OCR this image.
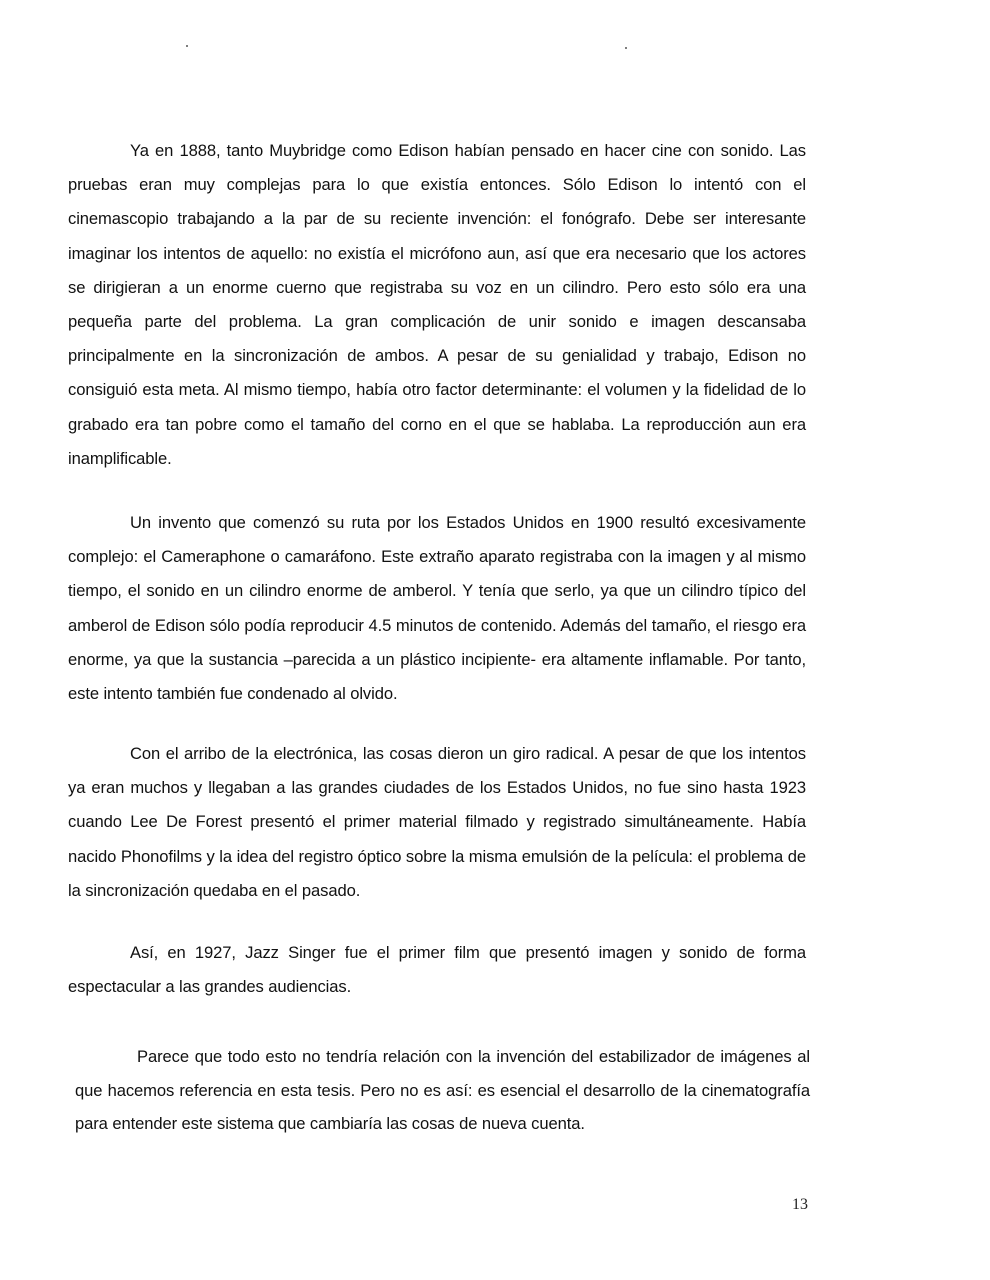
Ya en 1888, tanto Muybridge como Edison habían pensado en hacer cine con sonido. Las pruebas eran muy complejas para lo que existía entonces. Sólo Edison lo intentó con el cinemascopio trabajando a la par de su reciente invención: el fonógrafo. Debe ser interesante imaginar los intentos de aquello: no existía el micrófono aun, así que era necesario que los actores se dirigieran a un enorme cuerno que registraba su voz en un cilindro. Pero esto sólo era una pequeña parte del problema. La gran complicación de unir sonido e imagen descansaba principalmente en la sincronización de ambos. A pesar de su genialidad y trabajo, Edison no consiguió esta meta. Al mismo tiempo, había otro factor determinante: el volumen y la fidelidad de lo grabado era tan pobre como el tamaño del corno en el que se hablaba. La reproducción aun era inamplificable.

Un invento que comenzó su ruta por los Estados Unidos en 1900 resultó excesivamente complejo: el Cameraphone o camaráfono. Este extraño aparato registraba con la imagen y al mismo tiempo, el sonido en un cilindro enorme de amberol. Y tenía que serlo, ya que un cilindro típico del amberol de Edison sólo podía reproducir 4.5 minutos de contenido. Además del tamaño, el riesgo era enorme, ya que la sustancia –parecida a un plástico incipiente- era altamente inflamable. Por tanto, este intento también fue condenado al olvido.

Con el arribo de la electrónica, las cosas dieron un giro radical. A pesar de que los intentos ya eran muchos y llegaban a las grandes ciudades de los Estados Unidos, no fue sino hasta 1923 cuando Lee De Forest presentó el primer material filmado y registrado simultáneamente. Había nacido Phonofilms y la idea del registro óptico sobre la misma emulsión de la película: el problema de la sincronización quedaba en el pasado.

Así, en 1927, Jazz Singer fue el primer film que presentó imagen y sonido de forma espectacular a las grandes audiencias.

Parece que todo esto no tendría relación con la invención del estabilizador de imágenes al que hacemos referencia en esta tesis. Pero no es así: es esencial el desarrollo de la cinematografía para entender este sistema que cambiaría las cosas de nueva cuenta.

13
